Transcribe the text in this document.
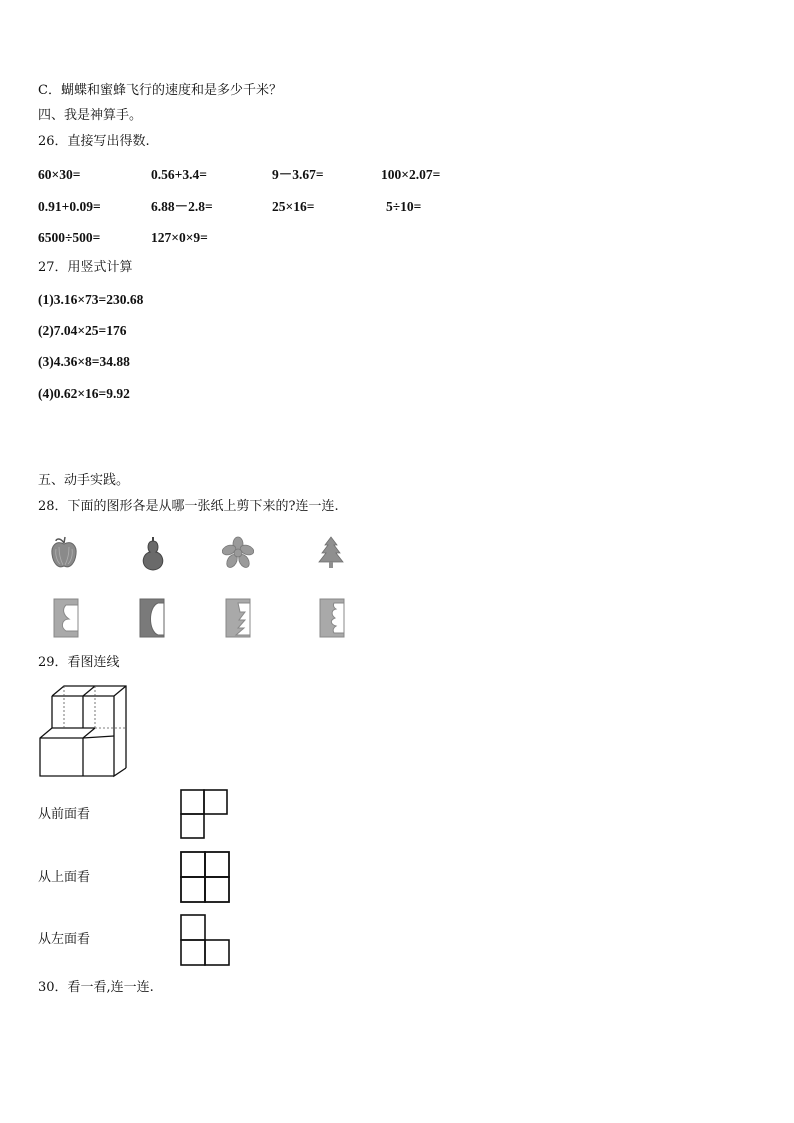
C．蝴蝶和蜜蜂飞行的速度和是多少千米？
四、我是神算手。
26．直接写出得数.
60×30=	0.56+3.4=	9－3.67=	100×2.07=
0.91+0.09=	6.88－2.8=	25×16=	5÷10=
6500÷500=	127×0×9=
27．用竖式计算
(1)3.16×73=230.68
(2)7.04×25=176
(3)4.36×8=34.88
(4)0.62×16=9.92
五、动手实践。
28．下面的图形各是从哪一张纸上剪下来的?连一连.
29．看图连线
从前面看
从上面看
从左面看
30．看一看,连一连.
